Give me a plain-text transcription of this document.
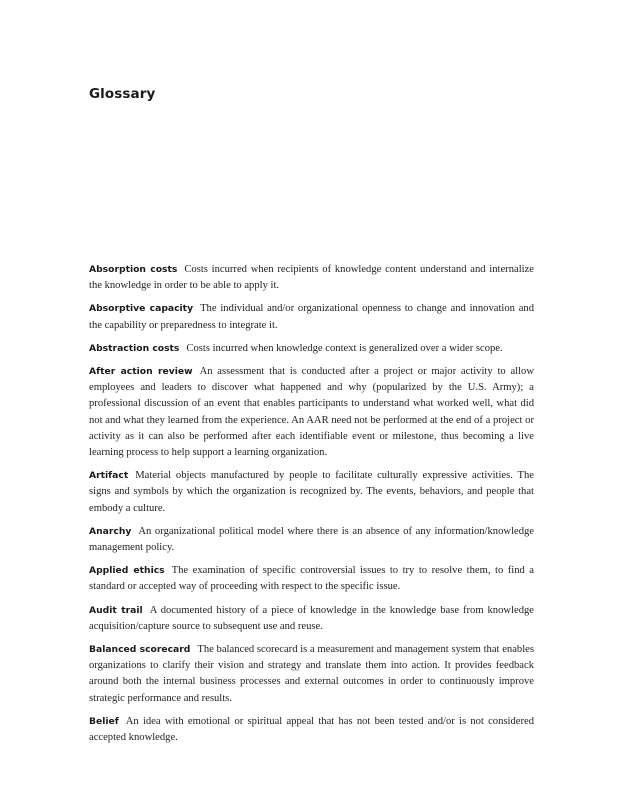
Glossary
Absorption costs Costs incurred when recipients of knowledge content understand and internalize the knowledge in order to be able to apply it.
Absorptive capacity The individual and/or organizational openness to change and innovation and the capability or preparedness to integrate it.
Abstraction costs Costs incurred when knowledge context is generalized over a wider scope.
After action review An assessment that is conducted after a project or major activity to allow employees and leaders to discover what happened and why (popularized by the U.S. Army); a professional discussion of an event that enables participants to understand what worked well, what did not and what they learned from the experience. An AAR need not be performed at the end of a project or activity as it can also be performed after each identifiable event or milestone, thus becoming a live learning process to help support a learning organization.
Artifact Material objects manufactured by people to facilitate culturally expressive activities. The signs and symbols by which the organization is recognized by. The events, behaviors, and people that embody a culture.
Anarchy An organizational political model where there is an absence of any information/knowledge management policy.
Applied ethics The examination of specific controversial issues to try to resolve them, to find a standard or accepted way of proceeding with respect to the specific issue.
Audit trail A documented history of a piece of knowledge in the knowledge base from knowledge acquisition/capture source to subsequent use and reuse.
Balanced scorecard The balanced scorecard is a measurement and management system that enables organizations to clarify their vision and strategy and translate them into action. It provides feedback around both the internal business processes and external outcomes in order to continuously improve strategic performance and results.
Belief An idea with emotional or spiritual appeal that has not been tested and/or is not considered accepted knowledge.
